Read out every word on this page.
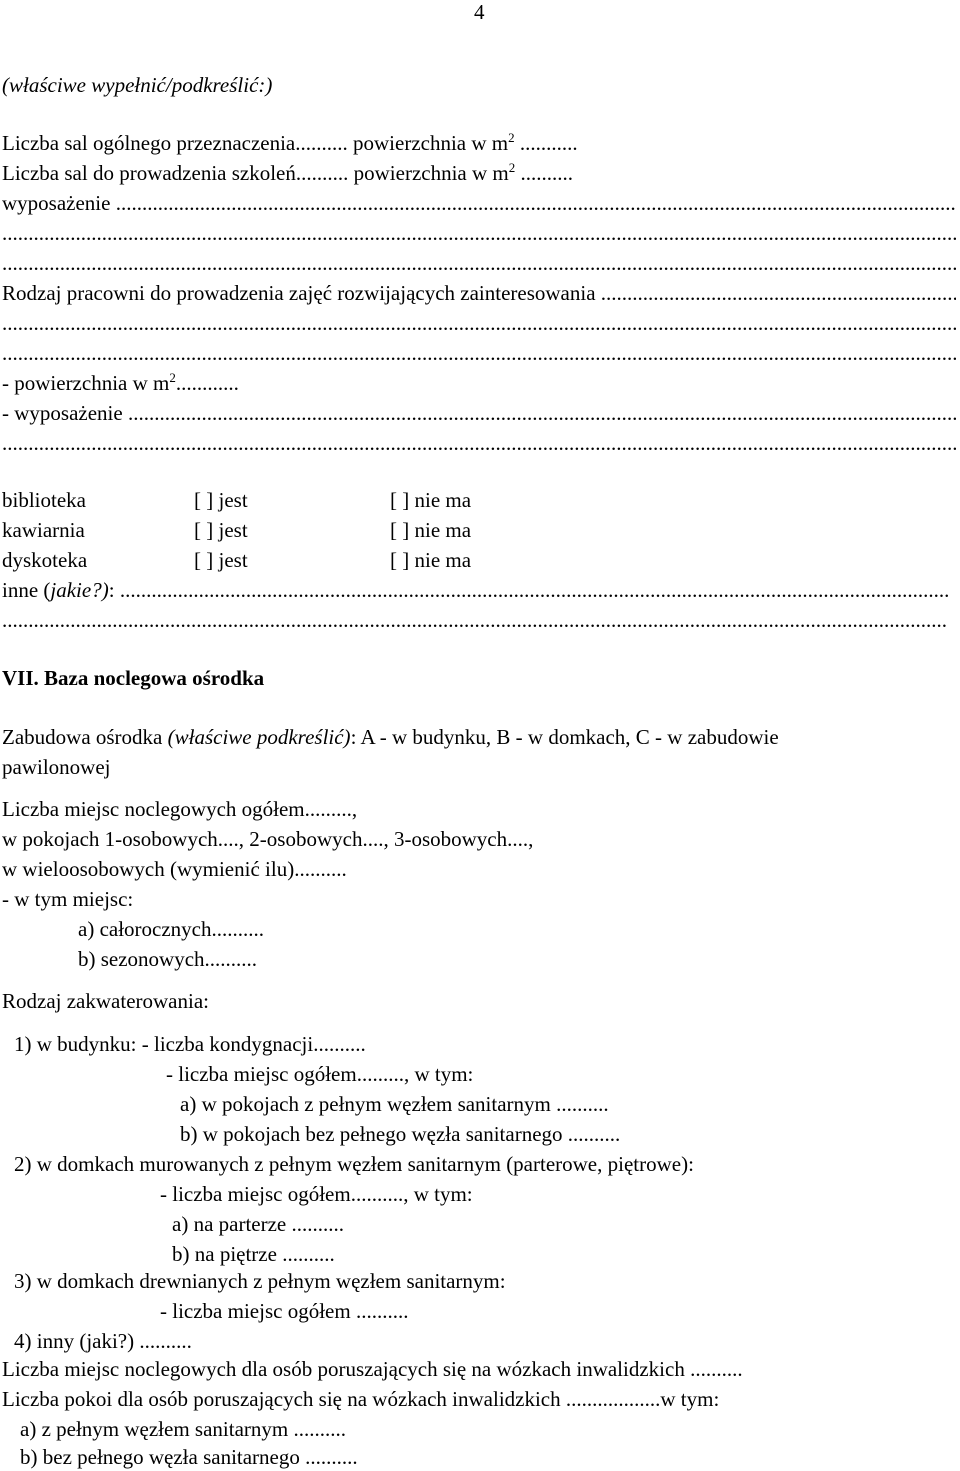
4
(właściwe wypełnić/podkreślić:)
Liczba sal ogólnego przeznaczenia.......... powierzchnia w $m^2$ ...........
Liczba sal do prowadzenia szkoleń.......... powierzchnia w $m^2$ ..........
wyposażenie
.....
.....
.....
Rodzaj pracowni do prowadzenia zajęć rozwijających zainteresowania
.....
.....
.....
- powierzchnia w $m^2$............
- wyposażenie
.....
.....
biblioteka	[ ] jest	[ ] nie ma
kawiarnia	[ ] jest	[ ] nie ma
dyskoteka	[ ] jest	[ ] nie ma
inne ( jakie?) :
.....
.....
VII. Baza noclegowa ośrodka
Zabudowa ośrodka (właściwe podkreślić): A - w budynku, B - w domkach, C - w zabudowie
pawilonowej
Liczba miejsc noclegowych ogółem.........,
w pokojach 1-osobowych...., 2-osobowych...., 3-osobowych....,
w wieloosobowych (wymienić ilu)..........
- w tym miejsc:
a) całorocznych..........
b) sezonowych..........
Rodzaj zakwaterowania:
1) w budynku: - liczba kondygnacji..........
- liczba miejsc ogółem........., w tym:
a) w pokojach z pełnym węzłem sanitarnym ..........
b) w pokojach bez pełnego węzła sanitarnego ..........
2) w domkach murowanych z pełnym węzłem sanitarnym (parterowe, piętrowe):
- liczba miejsc ogółem.........., w tym:
a) na parterze ..........
b) na piętrze ..........
3) w domkach drewnianych z pełnym węzłem sanitarnym:
- liczba miejsc ogółem ..........
4) inny (jaki?) ..........
Liczba miejsc noclegowych dla osób poruszających się na wózkach inwalidzkich ..........
Liczba pokoi dla osób poruszających się na wózkach inwalidzkich ..................w tym:
a) z pełnym węzłem sanitarnym ..........
b) bez pełnego węzła sanitarnego ..........
